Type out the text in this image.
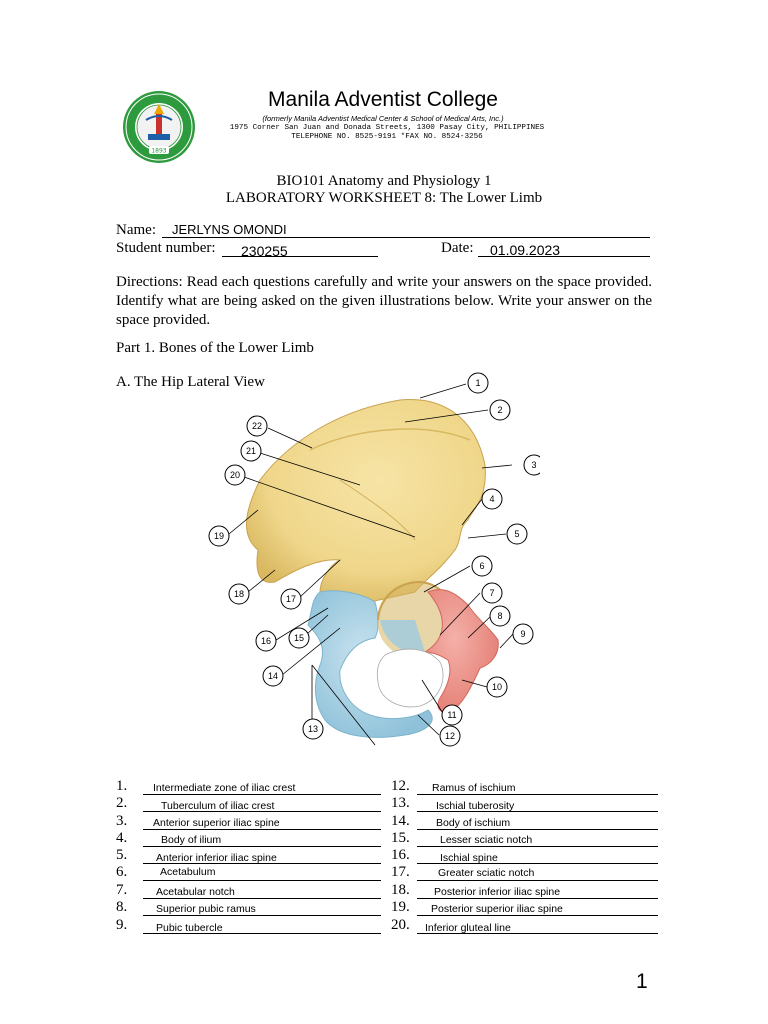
1893
Manila Adventist College
(formerly Manila Adventist Medical Center & School of Medical Arts, Inc.)
1975 Corner San Juan and Donada Streets, 1300 Pasay City, PHILIPPINES
TELEPHONE NO. 8525-9191 *FAX NO. 8524-3256
BIO101 Anatomy and Physiology 1
LABORATORY WORKSHEET 8: The Lower Limb
Name: JERLYNS OMONDI
Student number: 230255	Date: 01.09.2023
Directions: Read each questions carefully and write your answers on the space provided. Identify what are being asked on the given illustrations below. Write your answer on the space provided.
Part 1. Bones of the Lower Limb
A. The Hip Lateral View	1
2
3
4
5
6
7
8
9
10
11
12
13
14
15
16
17
18
19
20
21
22
1.	Intermediate zone of iliac crest
2.	Tuberculum of iliac crest
3.	Anterior superior iliac spine
4.	Body of ilium
5.	Anterior inferior iliac spine
6.	Acetabulum
7.	Acetabular notch
8.	Superior pubic ramus
9.	Pubic tubercle
12.	Ramus of ischium
13.	Ischial tuberosity
14.	Body of ischium
15.	Lesser sciatic notch
16.	Ischial spine
17.	Greater sciatic notch
18.	Posterior inferior iliac spine
19.	Posterior superior iliac spine
20.	Inferior gluteal line
1
